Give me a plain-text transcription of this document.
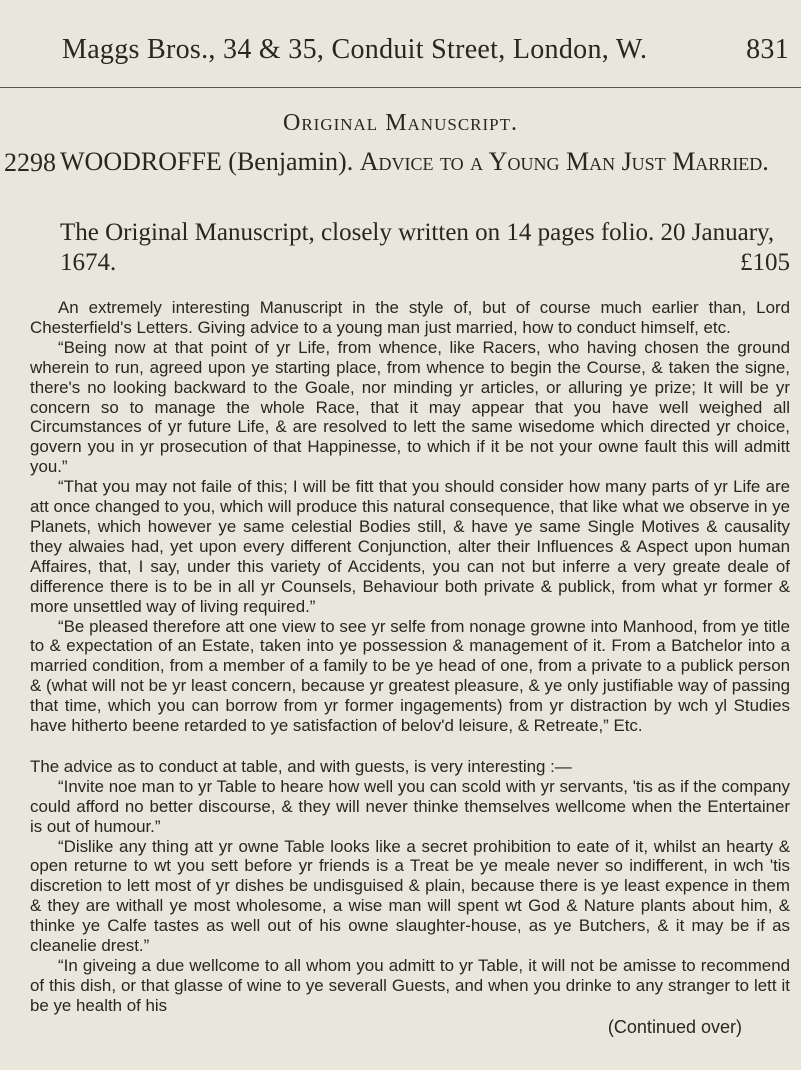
Maggs Bros., 34 & 35, Conduit Street, London, W.	831
Original Manuscript.
2298 WOODROFFE (Benjamin). Advice to a Young Man Just Married.

The Original Manuscript, closely written on 14 pages folio. 20 January, 1674.	£105

An extremely interesting Manuscript in the style of, but of course much earlier than, Lord Chesterfield's Letters. Giving advice to a young man just married, how to conduct himself, etc.

“Being now at that point of yr Life, from whence, like Racers, who having chosen the ground wherein to run, agreed upon ye starting place, from whence to begin the Course, & taken the signe, there's no looking backward to the Goale, nor minding yr articles, or alluring ye prize; It will be yr concern so to manage the whole Race, that it may appear that you have well weighed all Circumstances of yr future Life, & are resolved to lett the same wisedome which directed yr choice, govern you in yr prosecution of that Happinesse, to which if it be not your owne fault this will admitt you.”

“That you may not faile of this; I will be fitt that you should consider how many parts of yr Life are att once changed to you, which will produce this natural consequence, that like what we observe in ye Planets, which however ye same celestial Bodies still, & have ye same Single Motives & causality they alwaies had, yet upon every different Conjunction, alter their Influences & Aspect upon human Affaires, that, I say, under this variety of Accidents, you can not but inferre a very greate deale of difference there is to be in all yr Counsels, Behaviour both private & publick, from what yr former & more unsettled way of living required.”

“Be pleased therefore att one view to see yr selfe from nonage growne into Manhood, from ye title to & expectation of an Estate, taken into ye possession & management of it. From a Batchelor into a married condition, from a member of a family to be ye head of one, from a private to a publick person & (what will not be yr least concern, because yr greatest pleasure, & ye only justifiable way of passing that time, which you can borrow from yr former ingagements) from yr distraction by wch yl Studies have hitherto beene retarded to ye satisfaction of belov'd leisure, & Retreate,” Etc.

The advice as to conduct at table, and with guests, is very interesting :—

“Invite noe man to yr Table to heare how well you can scold with yr servants, 'tis as if the company could afford no better discourse, & they will never thinke themselves wellcome when the Entertainer is out of humour.”

“Dislike any thing att yr owne Table looks like a secret prohibition to eate of it, whilst an hearty & open returne to wt you sett before yr friends is a Treat be ye meale never so indifferent, in wch 'tis discretion to lett most of yr dishes be undisguised & plain, because there is ye least expence in them & they are withall ye most wholesome, a wise man will spent wt God & Nature plants about him, & thinke ye Calfe tastes as well out of his owne slaughter-house, as ye Butchers, & it may be if as cleanelie drest.”

“In giveing a due wellcome to all whom you admitt to yr Table, it will not be amisse to recommend of this dish, or that glasse of wine to ye severall Guests, and when you drinke to any stranger to lett it be ye health of his

(Continued over)
